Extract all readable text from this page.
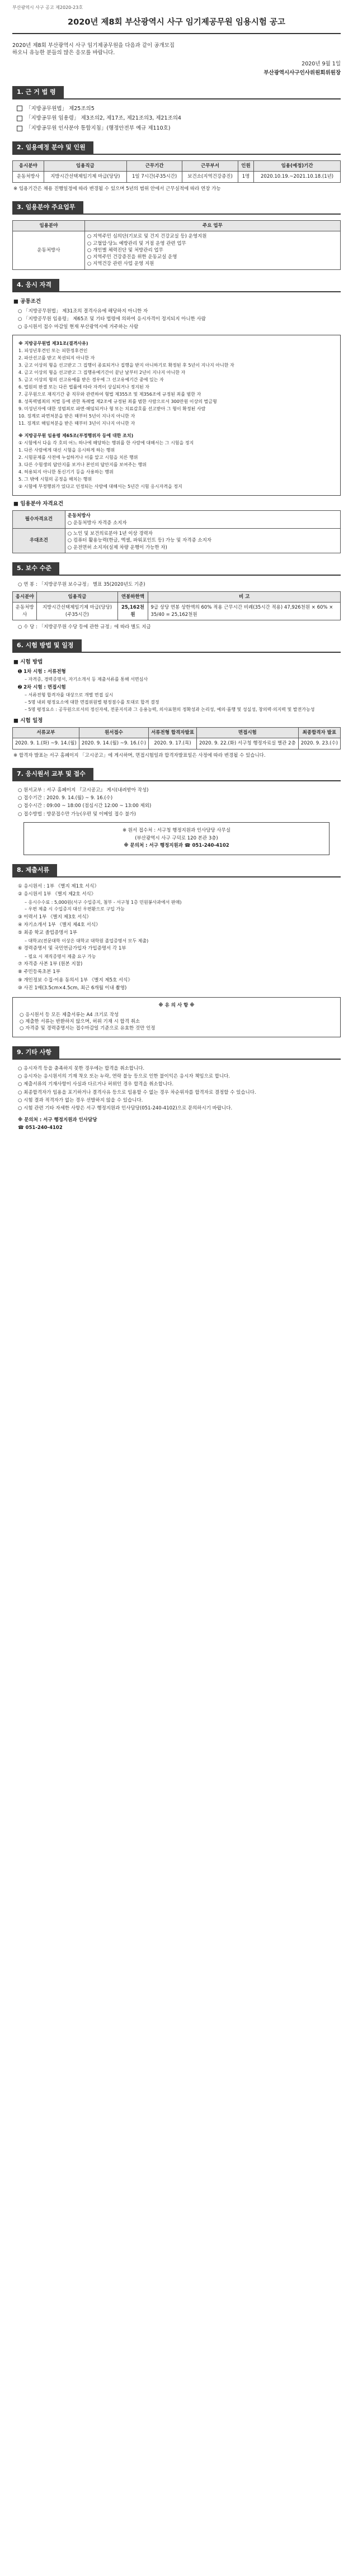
부산광역시 사구 공고 제2020-23호
2020년 제8회 부산광역시 사구 임기제공무원 임용시험 공고

2020년 제8회 부산광역시 사구 임기제공무원을 다음과 같이 공개모집

하오니 유능한 분들의 많은 응모를 바랍니다.

2020년 9월 1일
부산광역시사구인사위원회위원장
1. 근 거 법 령
「지방공무원법」 제25조의5
「지방공무원 임용령」 제3조의2, 제17조, 제21조의3, 제21조의4
「지방공무원 인사분야 통합지침」(행정안전부 예규 제110호)
2. 임용예정 분야 및 인원
응시분야	임용직급	근무기간	근무부서	인원	임용(예정)기간
운동처방사	지방시간선택제임기제 마급(당당)	1일 7시간(주35시간)	보건소(지역건강증진)	1명	2020.10.19.~2021.10.18.(1년)
※ 임용기간은 채용 진행일정에 따라 변경될 수 있으며 5년의 범위 안에서 근무실적에 따라 연장 가능
3. 임용분야 주요업무
임용분야	주요 업무
운동처방사	○ 지역주민 심의단(기보로 및 건지 건강교실 등) 운영지원
○ 고혈압·당뇨 예방관리 및 거점 운영 관련 업무
○ 개인별 체력진단 및 처방관리 업무
○ 지역주민 건강증진을 위한 운동교실 운영
○ 지역건강 관련 사업 운영 지원
4. 응시 자격
■ 공통조건
○ 「지방공무원법」 제31조의 결격사유에 해당하지 아니한 자
○ 「지방공무원 임용령」 제65조 및 기타 법령에 의하여 응시자격이 정지되지 아니한 사람
○ 응시원서 접수 마감일 현재 부산광역시에 거주하는 사람
※ 지방공무원법 제31조(결격사유)
1. 피성년후견인 또는 피한정후견인
2. 파산선고를 받고 복권되지 아니한 자
3. 금고 이상의 형을 선고받고 그 집행이 종료되거나 집행을 받지 아니하기로 확정된 후 5년이 지나지 아니한 자
4. 금고 이상의 형을 선고받고 그 집행유예기간이 끝난 날부터 2년이 지나지 아니한 자
5. 금고 이상의 형의 선고유예를 받은 경우에 그 선고유예기간 중에 있는 자
6. 법원의 판결 또는 다른 법률에 따라 자격이 상실되거나 정지된 자
7. 공무원으로 재직기간 중 직무와 관련하여 형법 제355조 및 제356조에 규정된 죄를 범한 자
8. 성폭력범죄의 처벌 등에 관한 특례법 제2조에 규정된 죄를 범한 사람으로서 300만원 이상의 벌금형
9. 미성년자에 대한 성범죄로 파면·해임되거나 형 또는 치료감호를 선고받아 그 형이 확정된 사람
10. 징계로 파면처분을 받은 때부터 5년이 지나지 아니한 자
11. 징계로 해임처분을 받은 때부터 3년이 지나지 아니한 자
※ 지방공무원 임용령 제65조(부정행위자 등에 대한 조치)
① 시험에서 다음 각 호의 어느 하나에 해당하는 행위를 한 사람에 대해서는 그 시험을 정지
1. 다른 사람에게 대신 시험을 응시하게 하는 행위
2. 시험문제를 사전에 누설하거나 이를 알고 시험을 치른 행위
3. 다른 수험생의 답안지를 보거나 본인의 답안지를 보여주는 행위
4. 허용되지 아니한 통신기기 등을 사용하는 행위
5. 그 밖에 시험의 공정을 해치는 행위
② 시험에 부정행위가 있다고 인정되는 사람에 대해서는 5년간 시험 응시자격을 정지
■ 임용분야 자격요건
필수자격요건	운동처방사
○ 운동처방사 자격증 소지자
우대조건	○ 노인 및 보건의료분야 1년 이상 경력자
○ 컴퓨터 활용능력(한글, 엑셀, 파워포인트 등) 가능 및 자격증 소지자
○ 운전면허 소지자(실제 차량 운행이 가능한 자)
5. 보수 수준
○ 연 봉 : 「지방공무원 보수규정」 별표 35(2020년도 기준)
응시분야	임용직급	연봉하한액	비 고
운동처방사	지방시간선택제임기제 마급(당당)(주35시간)	25,162천원	9급 상당 연봉 상한액의 60% 적용 근무시간 비례(35시간 적용) 47,926천원 × 60% × 35/40 = 25,162천원
○ 수 당 : 「지방공무원 수당 등에 관한 규정」에 따라 별도 지급
6. 시험 방법 및 일정
■ 시험 방법
➊ 1차 시험 : 서류전형
– 자격증, 경력증명서, 자기소개서 등 제출서류를 통해 서면심사
➋ 2차 시험 : 면접시험
– 서류전형 합격자를 대상으로 개별 면접 실시
– 5명 내외 평정요소에 대한 면접위원별 평정점수를 토대로 합격 결정
– 5명 평정요소 : 공무원으로서의 정신자세, 전문지식과 그 응용능력, 의사표현의 정확성과 논리성, 예의·품행 및 성실성, 창의력·의지력 및 발전가능성
■ 시험 일정
서류교부	원서접수	서류전형 합격자발표	면접시험	최종합격자 발표
2020. 9. 1.(화) ~9. 14.(월)	2020. 9. 14.(월) ~9. 16.(수)	2020. 9. 17.(목)	2020. 9. 22.(화) 서구청 행정자료실 별관 2층	2020. 9. 23.(수)
※ 합격자 발표는 서구 홈페이지 「고시공고」에 게시하며, 면접시험일과 합격자발표일은 사정에 따라 변경될 수 있습니다.
7. 응시원서 교부 및 접수
○ 원서교부 : 서구 홈페이지 『고시공고』 게시(내려받아 작성)
○ 접수기간 : 2020. 9. 14.(월) ~ 9. 16.(수)
○ 접수시간 : 09:00 ~ 18:00 (점심시간 12:00 ~ 13:00 제외)
○ 접수방법 : 방문접수만 가능(우편 및 이메일 접수 불가)
※ 원서 접수처 : 서구청 행정지원과 인사담당 사무실
(부산광역시 사구 구덕로 120 본관 3층)
※ 문의처 : 서구 행정지원과 ☎ 051-240-4102
8. 제출서류
① 응시원서 : 1부 《별지 제1호 서식》
② 응시원서 1부 《별지 제2호 서식》
– 응시수수료 : 5,000원(서구 수입증지, 첨부 - 서구청 1층 민원봉사과에서 판매)
– 우편 제출 시 수입증지 대신 우편환으로 구입 가능
③ 이력서 1부 《별지 제3호 서식》
④ 자기소개서 1부 《별지 제4호 서식》
⑤ 최종 학교 졸업증명서 1부
– 대학교(전문대학 이상은 대학교 대학원 졸업증명서 모두 제출)
⑥ 경력증명서 및 국민연금가입자 가입증명서 각 1부
– 필요 시 재직증명서 제출 요구 가능
⑦ 자격증 사본 1부 (원본 지참)
⑧ 주민등록초본 1부
⑨ 개인정보 수집·이용 동의서 1부 《별지 제5호 서식》
⑩ 사진 1매(3.5cm×4.5cm, 최근 6개월 이내 촬영)
※ 유 의 사 항 ※
○ 응시원서 등 모든 제출서류는 A4 크기로 작성
○ 제출한 서류는 반환하지 않으며, 허위 기재 시 합격 취소
○ 자격증 및 경력증명서는 접수마감일 기준으로 유효한 것만 인정
9. 기타 사항
○ 응시자격 등을 충족하지 못한 경우에는 합격을 취소합니다.
○ 응시자는 응시원서의 기재 착오 또는 누락, 연락 불능 등으로 인한 불이익은 응시자 책임으로 합니다.
○ 제출서류의 기재사항이 사실과 다르거나 허위인 경우 합격을 취소합니다.
○ 최종합격자가 임용을 포기하거나 결격사유 등으로 임용할 수 없는 경우 차순위자를 합격자로 결정할 수 있습니다.
○ 시험 결과 적격자가 없는 경우 선발하지 않을 수 있습니다.
○ 시험 관련 기타 자세한 사항은 서구 행정지원과 인사담당(051-240-4102)으로 문의하시기 바랍니다.
※ 문의처 : 서구 행정지원과 인사담당
☎ 051-240-4102
